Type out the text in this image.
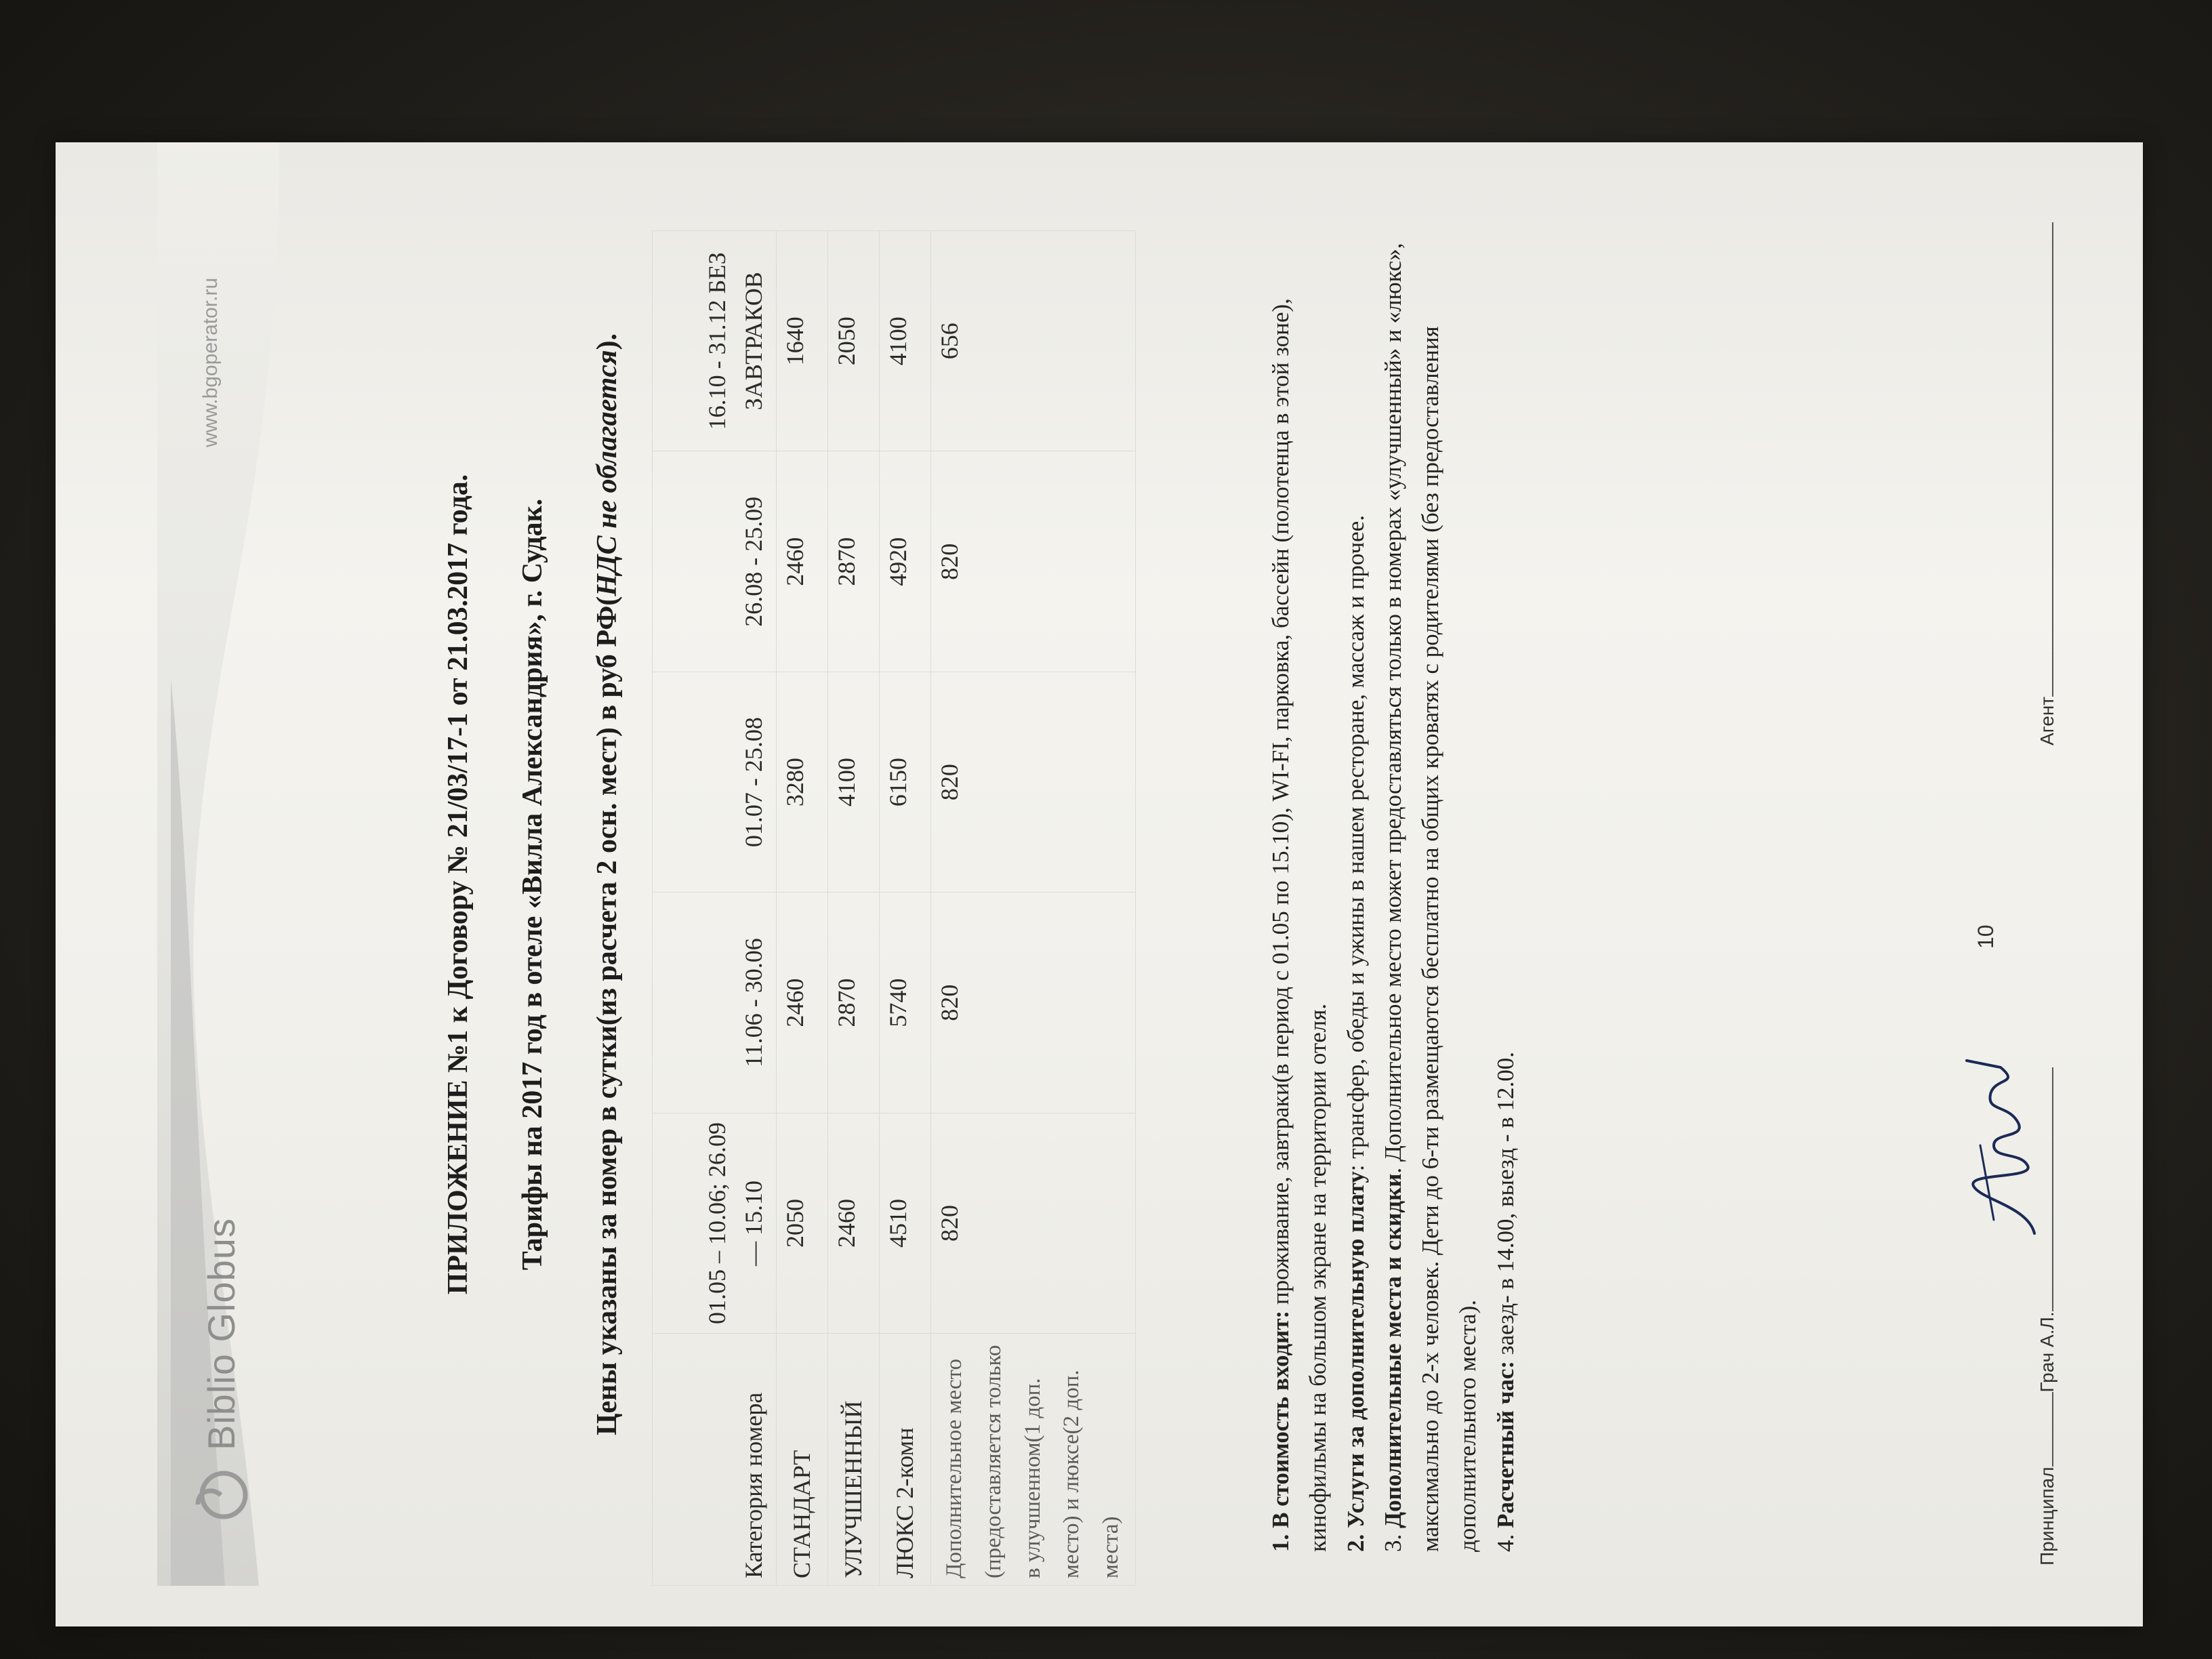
Biblio Globus
www.bgoperator.ru
ПРИЛОЖЕНИЕ №1 к Договору № 21/03/17-1 от 21.03.2017 года. Тарифы на 2017 год в отеле «Вилла Александрия», г. Судак. Цены указаны за номер в сутки(из расчета 2 осн. мест) в руб РФ(НДС не облагается).
Категория номера	01.05 – 10.06; 26.09 — 15.10	11.06 - 30.06	01.07 - 25.08	26.08 - 25.09	16.10 - 31.12 БЕЗ ЗАВТРАКОВ
СТАНДАРТ	2050	2460	3280	2460	1640
УЛУЧШЕННЫЙ	2460	2870	4100	2870	2050
ЛЮКС 2-комн	4510	5740	6150	4920	4100
Дополнительное место (предоставляется только в улучшенном(1 доп. место) и люксе(2 доп. места)	820	820	820	820	656

1. В стоимость входит: проживание, завтраки(в период с 01.05 по 15.10), WI-FI, парковка, бассейн (полотенца в этой зоне), кинофильмы на большом экране на территории отеля. 2. Услуги за дополнительную плату: трансфер, обеды и ужины в нашем ресторане, массаж и прочее.

3. Дополнительные места и скидки. Дополнительное место может предоставляться только в номерах «улучшенный» и «люкс», максимально до 2-х человек. Дети до 6-ти размещаются бесплатно на общих кроватях с родителями (без предоставления дополнительного места). 4. Расчетный час: заезд- в 14.00, выезд - в 12.00.

10
ПринципалГрач А.Л.
Агент
